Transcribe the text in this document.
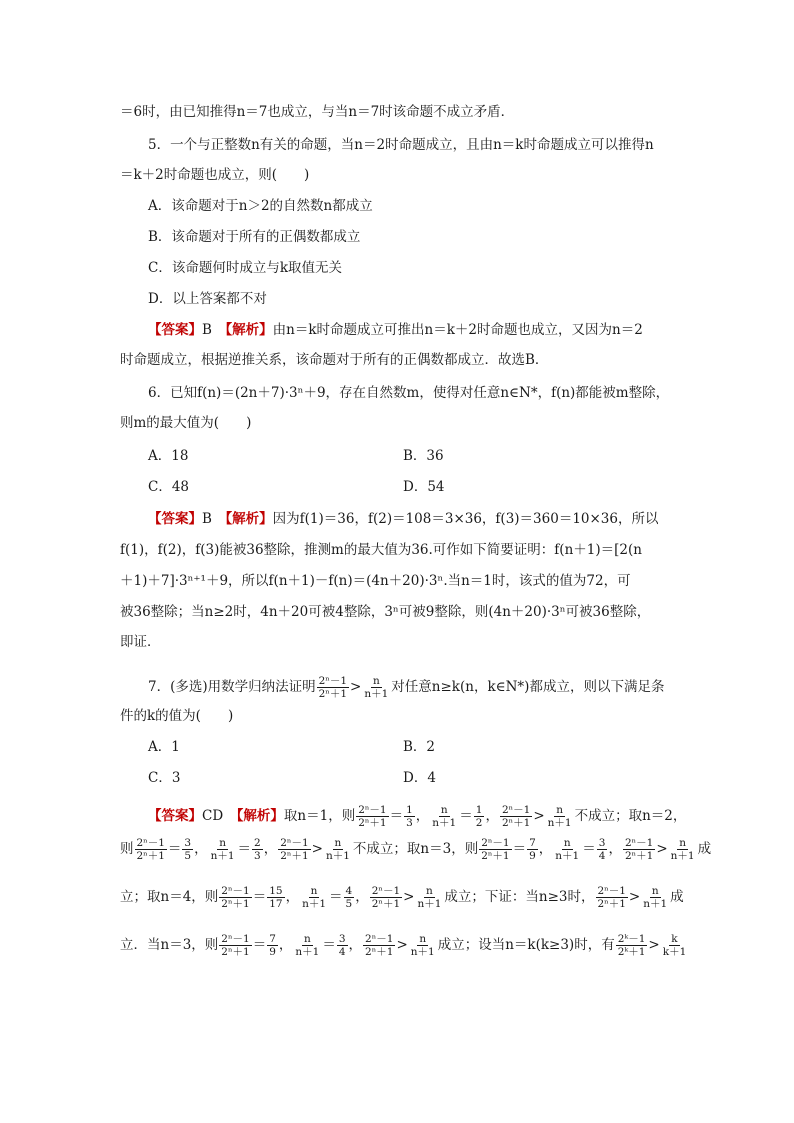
＝6时，由已知推得n＝7也成立，与当n＝7时该命题不成立矛盾．
5．一个与正整数n有关的命题，当n＝2时命题成立，且由n＝k时命题成立可以推得n
＝k＋2时命题也成立，则(　　)
A．该命题对于n＞2的自然数n都成立
B．该命题对于所有的正偶数都成立
C．该命题何时成立与k取值无关
D．以上答案都不对
【答案】B　【解析】由n＝k时命题成立可推出n＝k＋2时命题也成立，又因为n＝2
时命题成立，根据逆推关系，该命题对于所有的正偶数都成立．故选B．
6．已知f(n)＝(2n＋7)·3ⁿ＋9，存在自然数m，使得对任意n∈N*，f(n)都能被m整除，
则m的最大值为(　　)
A．18	B．36
C．48	D．54
【答案】B　【解析】因为f(1)＝36，f(2)＝108＝3×36，f(3)＝360＝10×36，所以
f(1)，f(2)，f(3)能被36整除，推测m的最大值为36.可作如下简要证明：f(n＋1)＝[2(n
＋1)＋7]·3ⁿ⁺¹＋9，所以f(n＋1)－f(n)＝(4n＋20)·3ⁿ.当n＝1时，该式的值为72，可
被36整除；当n≥2时，4n＋20可被4整除，3ⁿ可被9整除，则(4n＋20)·3ⁿ可被36整除，
即证．
7．(多选)用数学归纳法证明 $\frac{\text{2ⁿ－1}}{\text{2ⁿ＋1}} > \frac{n}{n+1}$ 对任意n≥k(n，k∈N*)都成立，则以下满足条
件的k的值为(　　)
A．1	B．2
C．3	D．4
【答案】CD　【解析】取n＝1，则 $\frac{\text{2ⁿ－1}}{\text{2ⁿ＋1}} = \frac{1}{3}$ ， $\frac{n}{n+1} = \frac{1}{2}$ ， $\frac{\text{2ⁿ－1}}{\text{2ⁿ＋1}} > \frac{n}{n+1}$ 不成立；取n＝2，
则 $\frac{\text{2ⁿ－1}}{\text{2ⁿ＋1}} = \frac{3}{5}$ ， $\frac{n}{n+1} = \frac{2}{3}$ ， $\frac{\text{2ⁿ－1}}{\text{2ⁿ＋1}} > \frac{n}{n+1}$ 不成立；取n＝3，则 $\frac{\text{2ⁿ－1}}{\text{2ⁿ＋1}} = \frac{7}{9}$ ， $\frac{n}{n+1} = \frac{3}{4}$ ， $\frac{\text{2ⁿ－1}}{\text{2ⁿ＋1}} > \frac{n}{n+1}$ 成
立；取n＝4，则 $\frac{\text{2ⁿ－1}}{\text{2ⁿ＋1}} = \frac{15}{17}$ ， $\frac{n}{n+1} = \frac{4}{5}$ ， $\frac{\text{2ⁿ－1}}{\text{2ⁿ＋1}} > \frac{n}{n+1}$ 成立；下证：当n≥3时， $\frac{\text{2ⁿ－1}}{\text{2ⁿ＋1}} > \frac{n}{n+1}$ 成
立．当n＝3，则 $\frac{\text{2ⁿ－1}}{\text{2ⁿ＋1}} = \frac{7}{9}$ ， $\frac{n}{n+1} = \frac{3}{4}$ ， $\frac{\text{2ⁿ－1}}{\text{2ⁿ＋1}} > \frac{n}{n+1}$ 成立；设当n＝k(k≥3)时，有 $\frac{\text{2ᵏ－1}}{\text{2ᵏ＋1}} > \frac{k}{k+1}$
